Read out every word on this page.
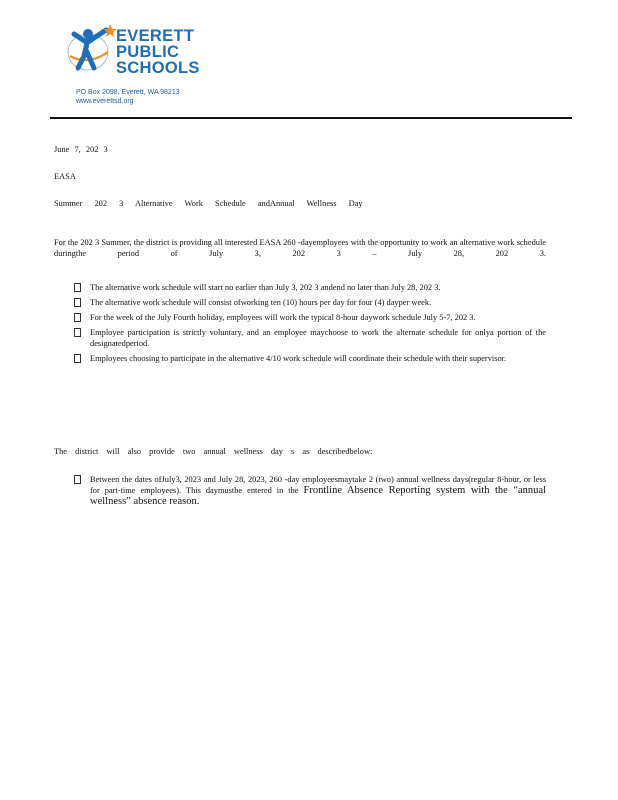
EVERETT
PUBLIC
SCHOOLS
PO Box 2098, Everett, WA 98213
www.everettsd.org

June 7, 202 3

EASA

Summer 202 3 Alternative Work Schedule andAnnual Wellness Day

For the 202 3 Summer, the district is providing all interested EASA 260 -dayemployees with the opportunity to work an alternative work schedule duringthe period of July 3, 202 3 – July 28, 202 3.

The alternative work schedule will start no earlier than July 3, 202 3 andend no later than July 28, 202 3.
The alternative work schedule will consist ofworking ten (10) hours per day for four (4) dayper week.
For the week of the July Fourth holiday, employees will work the typical 8-hour daywork schedule July 5-7, 202 3.
Employee participation is strictly voluntary, and an employee maychoose to work the alternate schedule for onlya portion of the designatedperiod.
Employees choosing to participate in the alternative 4/10 work schedule will coordinate their schedule with their supervisor.

The district will also provide two annual wellness day s as describedbelow:

Between the dates ofJuly3, 2023 and July 28, 2023, 260 -day employeesmaytake 2 (two) annual wellness days(regular 8-hour, or less for part-time employees). This daymustbe entered in the Frontline Absence Reporting system with the “annual wellness” absence reason.
